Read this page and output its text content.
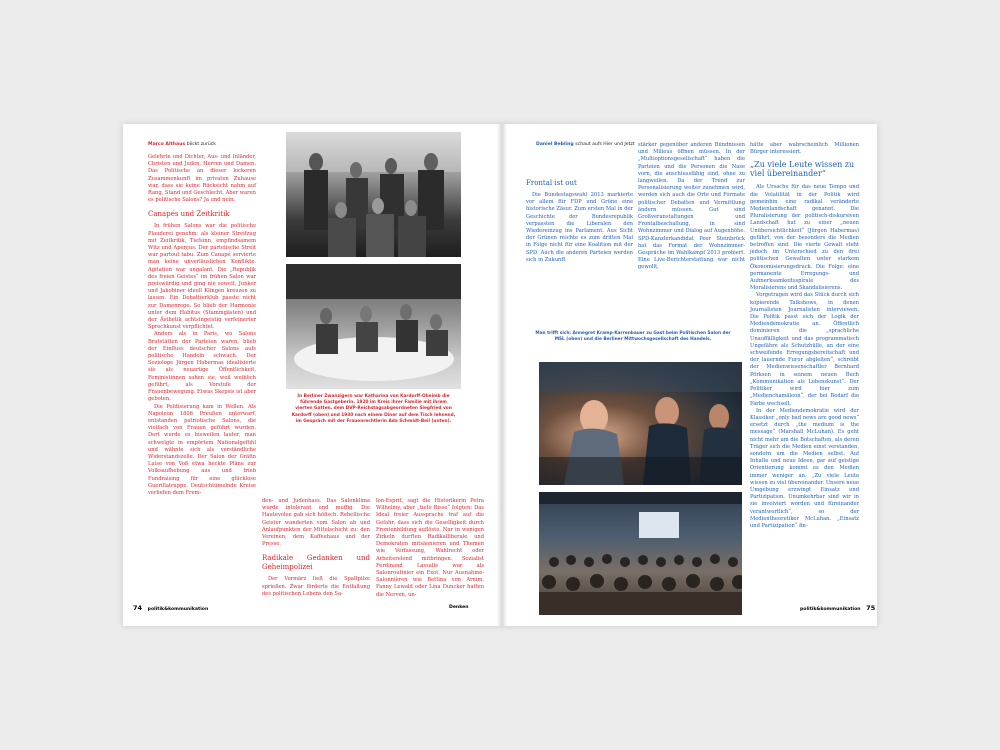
Marco Althaus blickt zurück

Gelehrte und Dichter, Aus- und Inländer, Christen und Juden, Herren und Damen. Das Politische an dieser lockeren Zusammenkunft im privaten Zuhause war, dass sie keine Rücksicht nahm auf Rang, Stand und Geschlecht. Aber waren es politische Salons? Ja und nein.

Canapés und Zeitkritik

In frühen Salons war die politische Plauderei genehm: als kleiner Streifzug mit Zeitkritik, Tiefsinn, empfindsamem Witz und Aperçus. Der parteiische Streit war partout tabu. Zum Canapé servierte man keine unverläuslichen Konflikte. Agitation war ungalant. Die „Republik des freien Geistes“ im frühen Salon war preiswürdig und ging nie soweit, Junker und Jakobiner ideell Klingen kreuzen zu lassen. Ein Debattierklub passte nicht zur Damenrege. So blieb der Harmonie unter dem Habitus (Stammgästen) und der Ästhetik achtsingeistig verfeinerter Sprechkunst verpflichtet.

Anders als in Paris, wo Salons Brutstätten der Parteien waren, blieb der Einfluss deutscher Salons aufs politische Handeln schwach. Der Soziologe Jürgen Habermas idealisierte sie als neuartige Öffentlichkeit, Feministinnen sahen sie, weil weiblich geführt, als Vorstufe der Frauenbewegung. Etwas Skepsis ist aber geboten.

Die Politisierung kam in Wellen. Als Napoleon 1806 Preußen unterwarf, entstanden patriotische Salons, die vielfach von Frauen geführt wurden. Dort wurde es bisweilen lauter, man schwelgte in empörtem Nationalgefühl und wähnte sich als verständliche Widerstandszelle. Der Salon der Gräfin Luise von Voß etwa heckte Pläne zur Volksaufhebung aus und trieb Fundraising für eine glücklose Guerillatruppe. Deutschtümelnde Kreise verliefen dem Frem-

In Berliner Zwanzigern war Katharina von Kardorff-Oheimb die führende Gastgeberin. 1920 im Kreis ihrer Familie mit ihrem vierten Gatten, dem DVP-Reichstagsabgeordneten Siegfried von Kardorff (oben) und 1930 nach einem Diner auf dem Tisch lehnend, im Gespräch mit der Frauenrechtlerin Ada Schmidt-Beil (unten).

den- und Judenhass. Das Salonklima wurde intolerant und muffig. Die Hautevolee gab sich höfisch. Rebellische Geister wanderten vom Salon ab und Anlaufpunkten der Mittelschicht zu: den Vereinen, dem Kaffeehaus und der Presse.

Radikale Gedanken und Geheimpolizei

Der Vormärz ließ die Spaltpilze sprießen. Zwar förderte die Entfaltung des politischen Lebens den Sa-

lon-Esprit, sagt die Historikerin Petra Wilhelmy, aber „tiefe Risse“ folgten: Das Ideal freier Aussprache traf auf die Gefahr, dass sich die Geselligkeit durch Frontenbildung auflöste. Nur in wenigen Zirkeln durften Radikalliberale und Demokraten mitsäonieren und Themen wie Verfassung, Wahlrecht oder Arbeiterelend mitbringen. Sozialist Ferdinand Lassalle war als Salonroutinier ein Exot. Nur Ausnahme-Salonnièren wie Bettina von Arnim, Fanny Lewald oder Lina Duncker hatten die Nerven, un-

74 politik&kommunikation	Denken
Daniel Bebling schaut aufs Hier und Jetzt
Frontal ist out

Die Bundestagswahl 2013 markierte vor allem für FDP und Grüne eine historische Zäsur. Zum ersten Mal in der Geschichte der Bundesrepublik verpassten die Liberalen den Wiedereinzug ins Parlament. Aus Sicht der Grünen reichte es zum dritten Mal in Folge nicht für eine Koalition mit der SPD. Auch die anderen Parteien werden sich in Zukunft

stärker gegenüber anderen Bündnissen und Milieus öffnen müssen. In der „Multioptionsgesellschaft“ haben die Parteien und die Personen die Nase vorn, die anschlussfähig sind, ohne zu langweilen. Da der Trend zur Personalisierung weiter zunehmen wird, werden sich auch die Orte und Formate politischer Debatten und Vermittlung ändern müssen. Gut sind Großveranstaltungen und Frontalbeschallung, in sind Wohnzimmer und Dialog auf Augenhöhe. SPD-Kanzlerkandidat Peer Steinbrück hat das Format der Wohnzimmer-Gespräche im Wahlkampf 2013 probiert. Eine Live-Berichterstattung war nicht gewollt,

Man trifft sich: Annegret Kramp-Karrenbauer zu Gast beim Politischen Salon der MSL (oben) und die Berliner Mittwochsgesellschaft des Handels.

hätte aber wahrscheinlich Millionen Bürger interessiert.

„Zu viele Leute wissen zu viel übereinander“

Als Ursache für das neue Tempo und die Volatilität in der Politik wird gemeinhin eine radikal veränderte Medienlandschaft genannt. Die Pluralisierung der politisch-diskursiven Landschaft hat zu einer „neuen Unübersichtlichkeit“ (Jürgen Habermas) geführt, von der besonders die Medien betroffen sind. Die vierte Gewalt steht jedoch im Unterschied zu den drei politischen Gewalten unter starkem Ökonomisierungsdruck. Die Folge: eine permanente Erregungs- und Aufmerksamkeitsspirale des Moralisierens und Skandalisierens.

Vorgetragen wird das Stück durch sich kopierende Talkshows, in denen Journalisten Journalisten interviewen. Die Politik passt sich der Logik der Mediendemokratie an. Öffentlich dominieren die „sprachliche Unauffälligkeit und das programmatisch Ungefähre als Schutzhülle, an der eine schweifende Erregungsbereitschaft und der lauernde Furor abgleiten“, schreibt der Medienwissenschaftler Bernhard Pörksen in seinem neuen Buch „Kommunikation als Lebenskunst“. Der Politiker wird hier zum „Medienchamäleon“, der bei Bedarf die Farbe wechselt.

In der Mediendemokratie wird der Klassiker „only bad news are good news“ ersetzt durch „the medium is the message“ (Marshall McLuhan). Es geht nicht mehr um die Botschaften, als deren Träger sich die Medien einst verstanden, sondern um die Medien selbst. Auf Inhalte und neue Ideen, gar auf geistige Orientierung kommt es den Medien immer weniger an. „Zu viele Leute wissen zu viel übereinander. Unsere neue Umgebung erzwingt Einsatz und Partizipation. Unumkehrbar sind wir in sie involviert worden und füreinander verantwortlich“, so der Medientheoretiker McLuhan. „Einsatz und Partizipation“ fin-

politik&kommunikation 75
